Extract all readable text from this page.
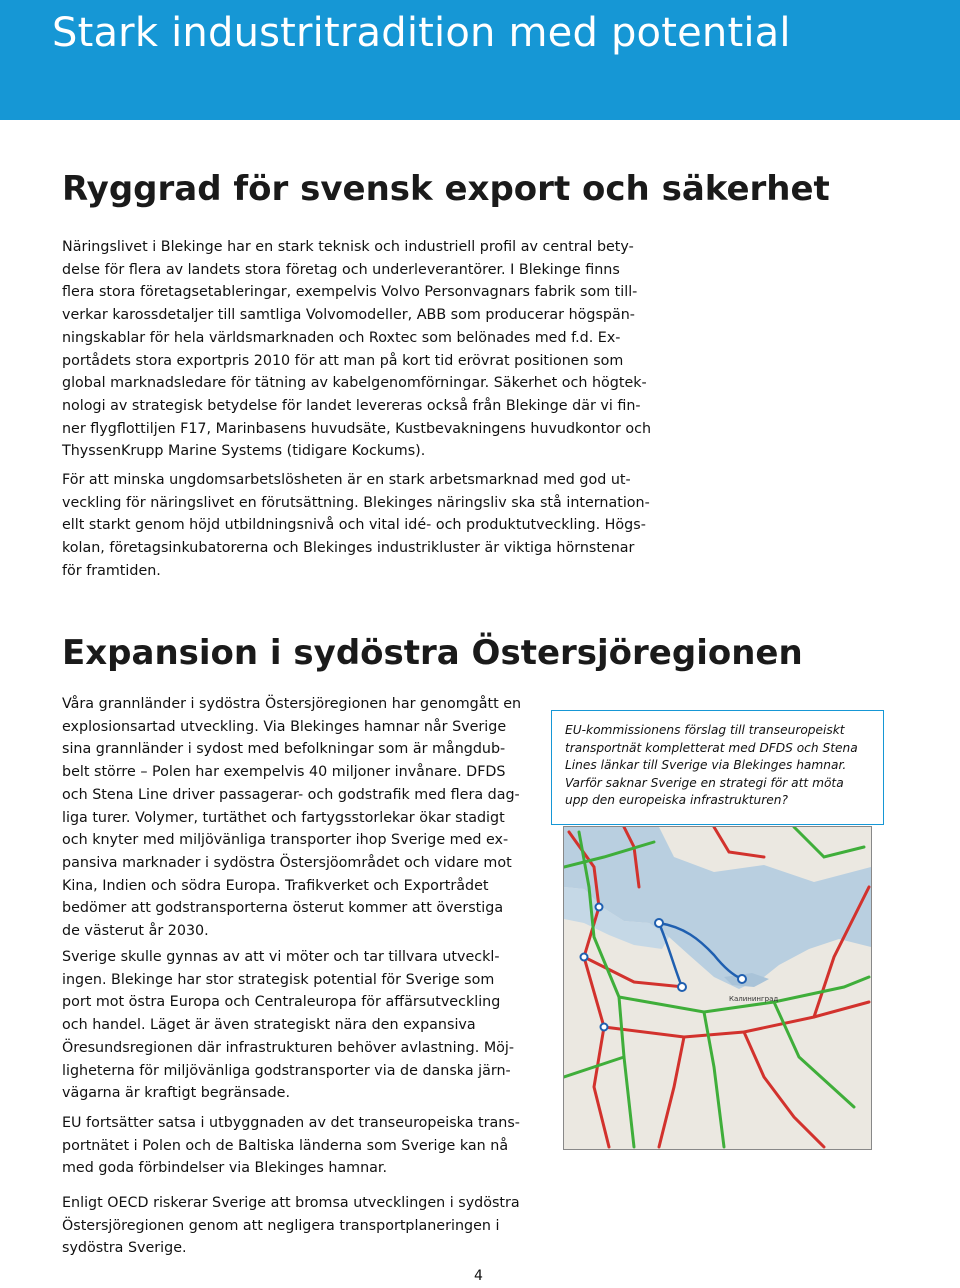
Stark industritradition med potential
Ryggrad för svensk export och säkerhet
Näringslivet i Blekinge har en stark teknisk och industriell profil av central bety-
delse för flera av landets stora företag och underleverantörer. I Blekinge finns
flera stora företagsetableringar, exempelvis Volvo Personvagnars fabrik som till-
verkar karossdetaljer till samtliga Volvomodeller, ABB som producerar högspän-
ningskablar för hela världsmarknaden och Roxtec som belönades med f.d. Ex-
portådets stora exportpris 2010 för att man på kort tid erövrat positionen som
global marknadsledare för tätning av kabelgenomförningar. Säkerhet och högtek-
nologi av strategisk betydelse för landet levereras också från Blekinge där vi fin-
ner flygflottiljen F17, Marinbasens huvudsäte, Kustbevakningens huvudkontor och
ThyssenKrupp Marine Systems (tidigare Kockums).
För att minska ungdomsarbetslösheten är en stark arbetsmarknad med god ut-
veckling för näringslivet en förutsättning. Blekinges näringsliv ska stå internation-
ellt starkt genom höjd utbildningsnivå och vital idé- och produktutveckling. Högs-
kolan, företagsinkubatorerna och Blekinges industrikluster är viktiga hörnstenar
för framtiden.
Expansion i sydöstra Östersjöregionen
Våra grannländer i sydöstra Östersjöregionen har genomgått en
explosionsartad utveckling. Via Blekinges hamnar når Sverige
sina grannländer i sydost med befolkningar som är mångdub-
belt större – Polen har exempelvis 40 miljoner invånare. DFDS
och Stena Line driver passagerar- och godstrafik med flera dag-
liga turer. Volymer, turtäthet och fartygsstorlekar ökar stadigt
och knyter med miljövänliga transporter ihop Sverige med ex-
pansiva marknader i sydöstra Östersjöområdet och vidare mot
Kina, Indien och södra Europa. Trafikverket och Exportrådet
bedömer att godstransporterna österut kommer att överstiga
de västerut år 2030.
Sverige skulle gynnas av att vi möter och tar tillvara utveckl-
ingen. Blekinge har stor strategisk potential för Sverige som
port mot östra Europa och Centraleuropa för affärsutveckling
och handel. Läget är även strategiskt nära den expansiva
Öresundsregionen där infrastrukturen behöver avlastning. Möj-
ligheterna för miljövänliga godstransporter via de danska järn-
vägarna är kraftigt begränsade.
EU fortsätter satsa i utbyggnaden av det transeuropeiska trans-
portnätet i Polen och de Baltiska länderna som Sverige kan nå
med goda förbindelser via Blekinges hamnar.
Enligt OECD riskerar Sverige att bromsa utvecklingen i sydöstra
Östersjöregionen genom att negligera transportplaneringen i
sydöstra Sverige.

EU-kommissionens förslag till transeuropeiskt
transportnät kompletterat med DFDS och Stena
Lines länkar till Sverige via Blekinges hamnar.
Varför saknar Sverige en strategi för att möta
upp den europeiska infrastrukturen?

Калининград
4
